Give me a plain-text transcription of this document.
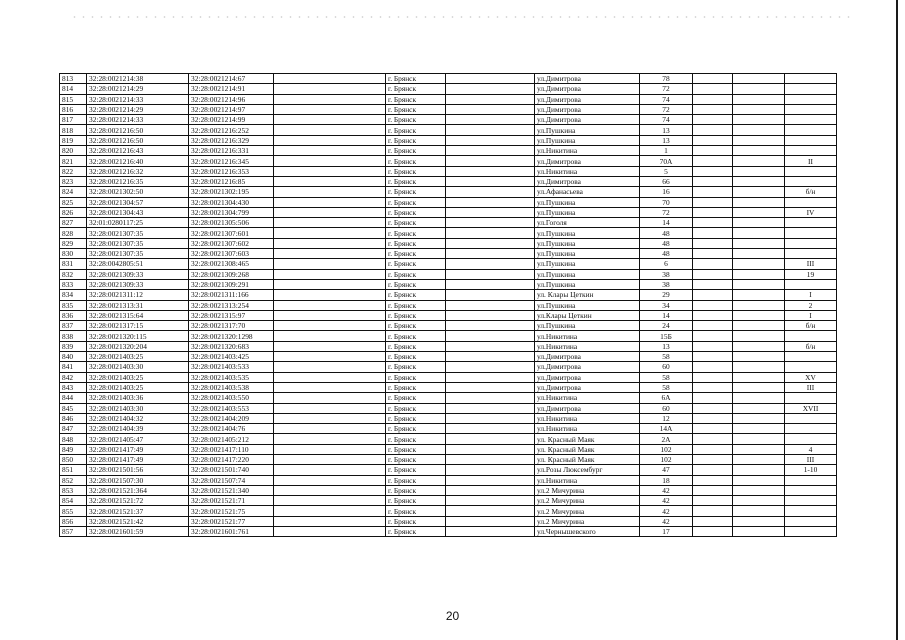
813	32:28:0021214:38	32:28:0021214:67		г. Брянск		ул.Димитрова	78			
814	32:28:0021214:29	32:28:0021214:91		г. Брянск		ул.Димитрова	72			
815	32:28:0021214:33	32:28:0021214:96		г. Брянск		ул.Димитрова	74			
816	32:28:0021214:29	32:28:0021214:97		г. Брянск		ул.Димитрова	72			
817	32:28:0021214:33	32:28:0021214:99		г. Брянск		ул.Димитрова	74			
818	32:28:0021216:50	32:28:0021216:252		г. Брянск		ул.Пушкина	13			
819	32:28:0021216:50	32:28:0021216:329		г. Брянск		ул.Пушкина	13			
820	32:28:0021216:43	32:28:0021216:331		г. Брянск		ул.Никитина	1			
821	32:28:0021216:40	32:28:0021216:345		г. Брянск		ул.Димитрова	70А			II
822	32:28:0021216:32	32:28:0021216:353		г. Брянск		ул.Никитина	5			
823	32:28:0021216:35	32:28:0021216:85		г. Брянск		ул.Димитрова	66			
824	32:28:0021302:50	32:28:0021302:195		г. Брянск		ул.Афанасьева	16			б/н
825	32:28:0021304:57	32:28:0021304:430		г. Брянск		ул.Пушкина	70			
826	32:28:0021304:43	32:28:0021304:799		г. Брянск		ул.Пушкина	72			IV
827	32:01:0280117:25	32:28:0021305:506		г. Брянск		ул.Гоголя	14			
828	32:28:0021307:35	32:28:0021307:601		г. Брянск		ул.Пушкина	48			
829	32:28:0021307:35	32:28:0021307:602		г. Брянск		ул.Пушкина	48			
830	32:28:0021307:35	32:28:0021307:603		г. Брянск		ул.Пушкина	48			
831	32:28:0042805:51	32:28:0021308:465		г. Брянск		ул.Пушкина	6			III
832	32:28:0021309:33	32:28:0021309:268		г. Брянск		ул.Пушкина	38			19
833	32:28:0021309:33	32:28:0021309:291		г. Брянск		ул.Пушкина	38			
834	32:28:0021311:12	32:28:0021311:166		г. Брянск		ул. Клары Цеткин	29			I
835	32:28:0021313:31	32:28:0021313:254		г. Брянск		ул.Пушкина	34			2
836	32:28:0021315:64	32:28:0021315:97		г. Брянск		ул.Клары Цеткин	14			I
837	32:28:0021317:15	32:28:0021317:70		г. Брянск		ул.Пушкина	24			б/н
838	32:28:0021320:115	32:28:0021320:1298		г. Брянск		ул.Никитина	15Б			
839	32:28:0021320:204	32:28:0021320:683		г. Брянск		ул.Никитина	13			б/н
840	32:28:0021403:25	32:28:0021403:425		г. Брянск		ул.Димитрова	58			
841	32:28:0021403:30	32:28:0021403:533		г. Брянск		ул.Димитрова	60			
842	32:28:0021403:25	32:28:0021403:535		г. Брянск		ул.Димитрова	58			XV
843	32:28:0021403:25	32:28:0021403:538		г. Брянск		ул.Димитрова	58			III
844	32:28:0021403:36	32:28:0021403:550		г. Брянск		ул.Никитина	6А			
845	32:28:0021403:30	32:28:0021403:553		г. Брянск		ул.Димитрова	60			XVII
846	32:28:0021404:32	32:28:0021404:209		г. Брянск		ул.Никитина	12			
847	32:28:0021404:39	32:28:0021404:76		г. Брянск		ул.Никитина	14А			
848	32:28:0021405:47	32:28:0021405:212		г. Брянск		ул. Красный Маяк	2А			
849	32:28:0021417:49	32:28:0021417:110		г. Брянск		ул. Красный Маяк	102			4
850	32:28:0021417:49	32:28:0021417:220		г. Брянск		ул. Красный Маяк	102			III
851	32:28:0021501:56	32:28:0021501:740		г. Брянск		ул.Розы Люксембург	47			1-10
852	32:28:0021507:30	32:28:0021507:74		г. Брянск		ул.Никитина	18			
853	32:28:0021521:364	32:28:0021521:340		г. Брянск		ул.2 Мичурина	42			
854	32:28:0021521:72	32:28:0021521:71		г. Брянск		ул.2 Мичурина	42			
855	32:28:0021521:37	32:28:0021521:75		г. Брянск		ул.2 Мичурина	42			
856	32:28:0021521:42	32:28:0021521:77		г. Брянск		ул.2 Мичурина	42			
857	32:28:0021601:59	32:28:0021601:761		г. Брянск		ул.Чернышевского	17			
20
